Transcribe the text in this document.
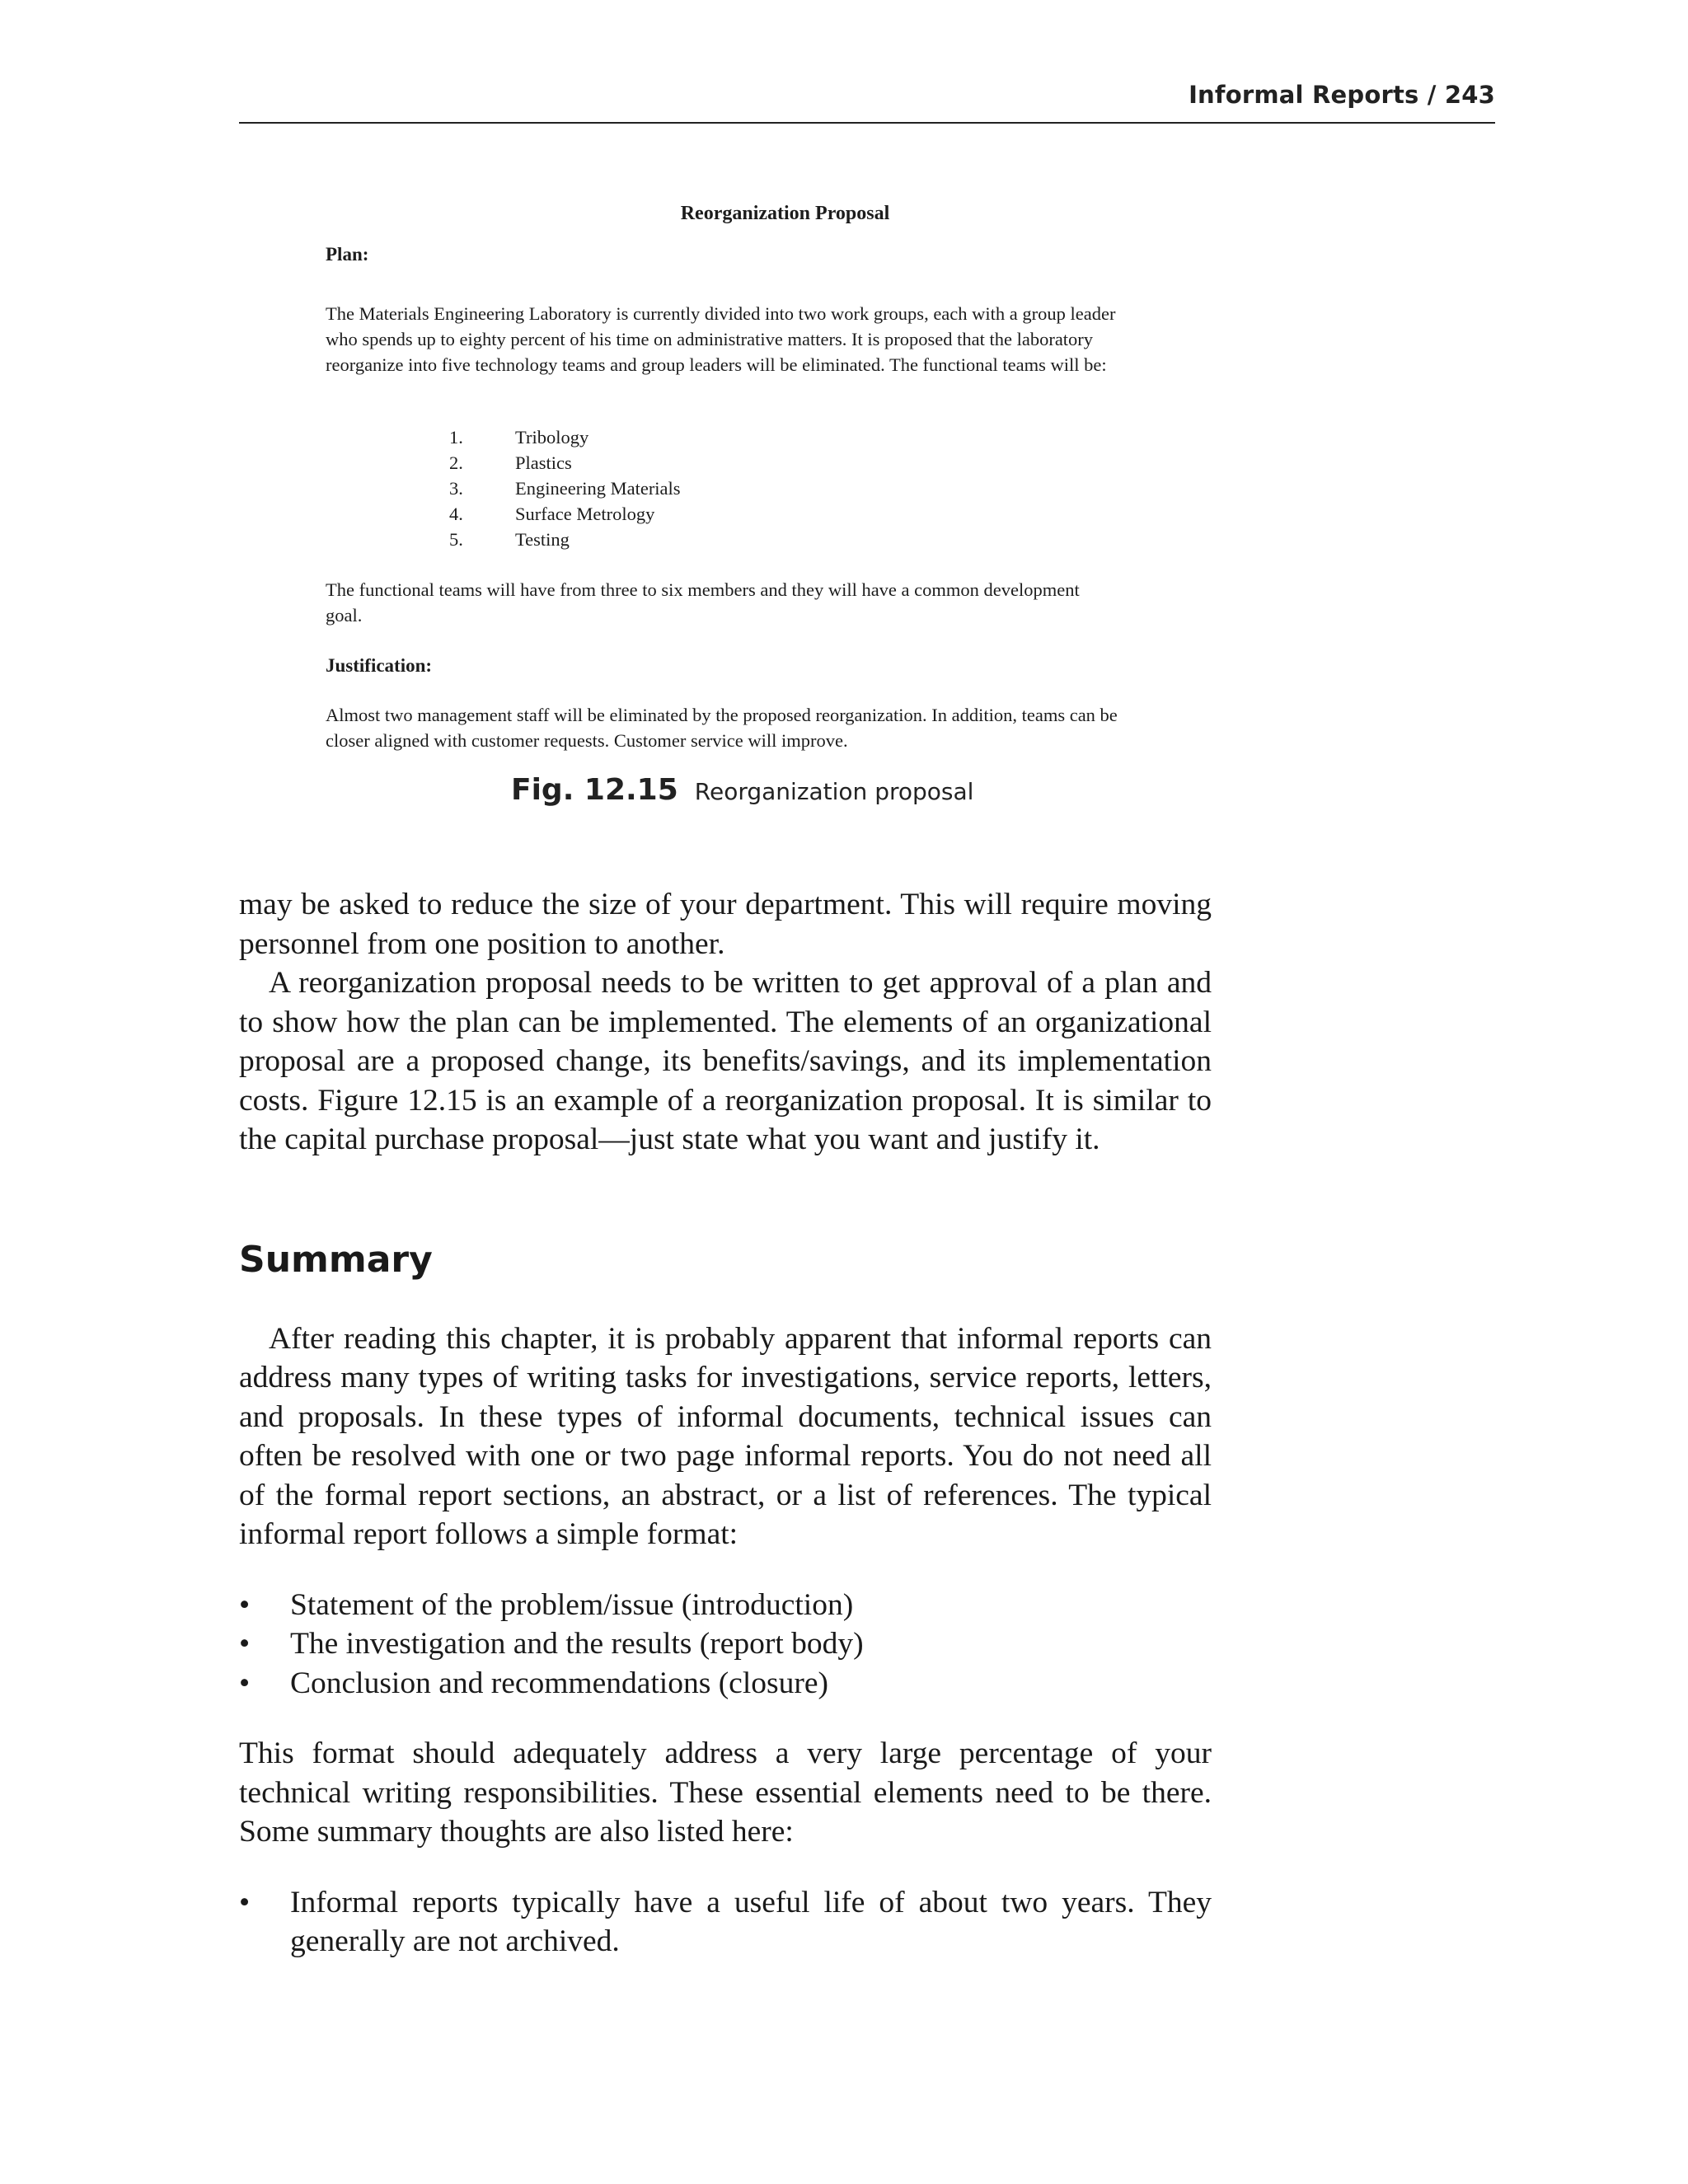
Informal Reports / 243
Reorganization Proposal
Plan:

The Materials Engineering Laboratory is currently divided into two work groups, each with a group leader who spends up to eighty percent of his time on administrative matters. It is proposed that the laboratory reorganize into five technology teams and group leaders will be eliminated. The functional teams will be:

1.	Tribology
2.	Plastics
3.	Engineering Materials
4.	Surface Metrology
5.	Testing

The functional teams will have from three to six members and they will have a common development goal.

Justification:

Almost two management staff will be eliminated by the proposed reorganization. In addition, teams can be closer aligned with customer requests. Customer service will improve.

Fig. 12.15 Reorganization proposal

may be asked to reduce the size of your department. This will require moving personnel from one position to another.

A reorganization proposal needs to be written to get approval of a plan and to show how the plan can be implemented. The elements of an organizational proposal are a proposed change, its benefits/savings, and its implementation costs. Figure 12.15 is an example of a reorganization proposal. It is similar to the capital purchase proposal—just state what you want and justify it.

Summary

After reading this chapter, it is probably apparent that informal reports can address many types of writing tasks for investigations, service reports, letters, and proposals. In these types of informal documents, technical issues can often be resolved with one or two page informal reports. You do not need all of the formal report sections, an abstract, or a list of references. The typical informal report follows a simple format:

•	Statement of the problem/issue (introduction)
•	The investigation and the results (report body)
•	Conclusion and recommendations (closure)

This format should adequately address a very large percentage of your technical writing responsibilities. These essential elements need to be there. Some summary thoughts are also listed here:

•	Informal reports typically have a useful life of about two years. They generally are not archived.
